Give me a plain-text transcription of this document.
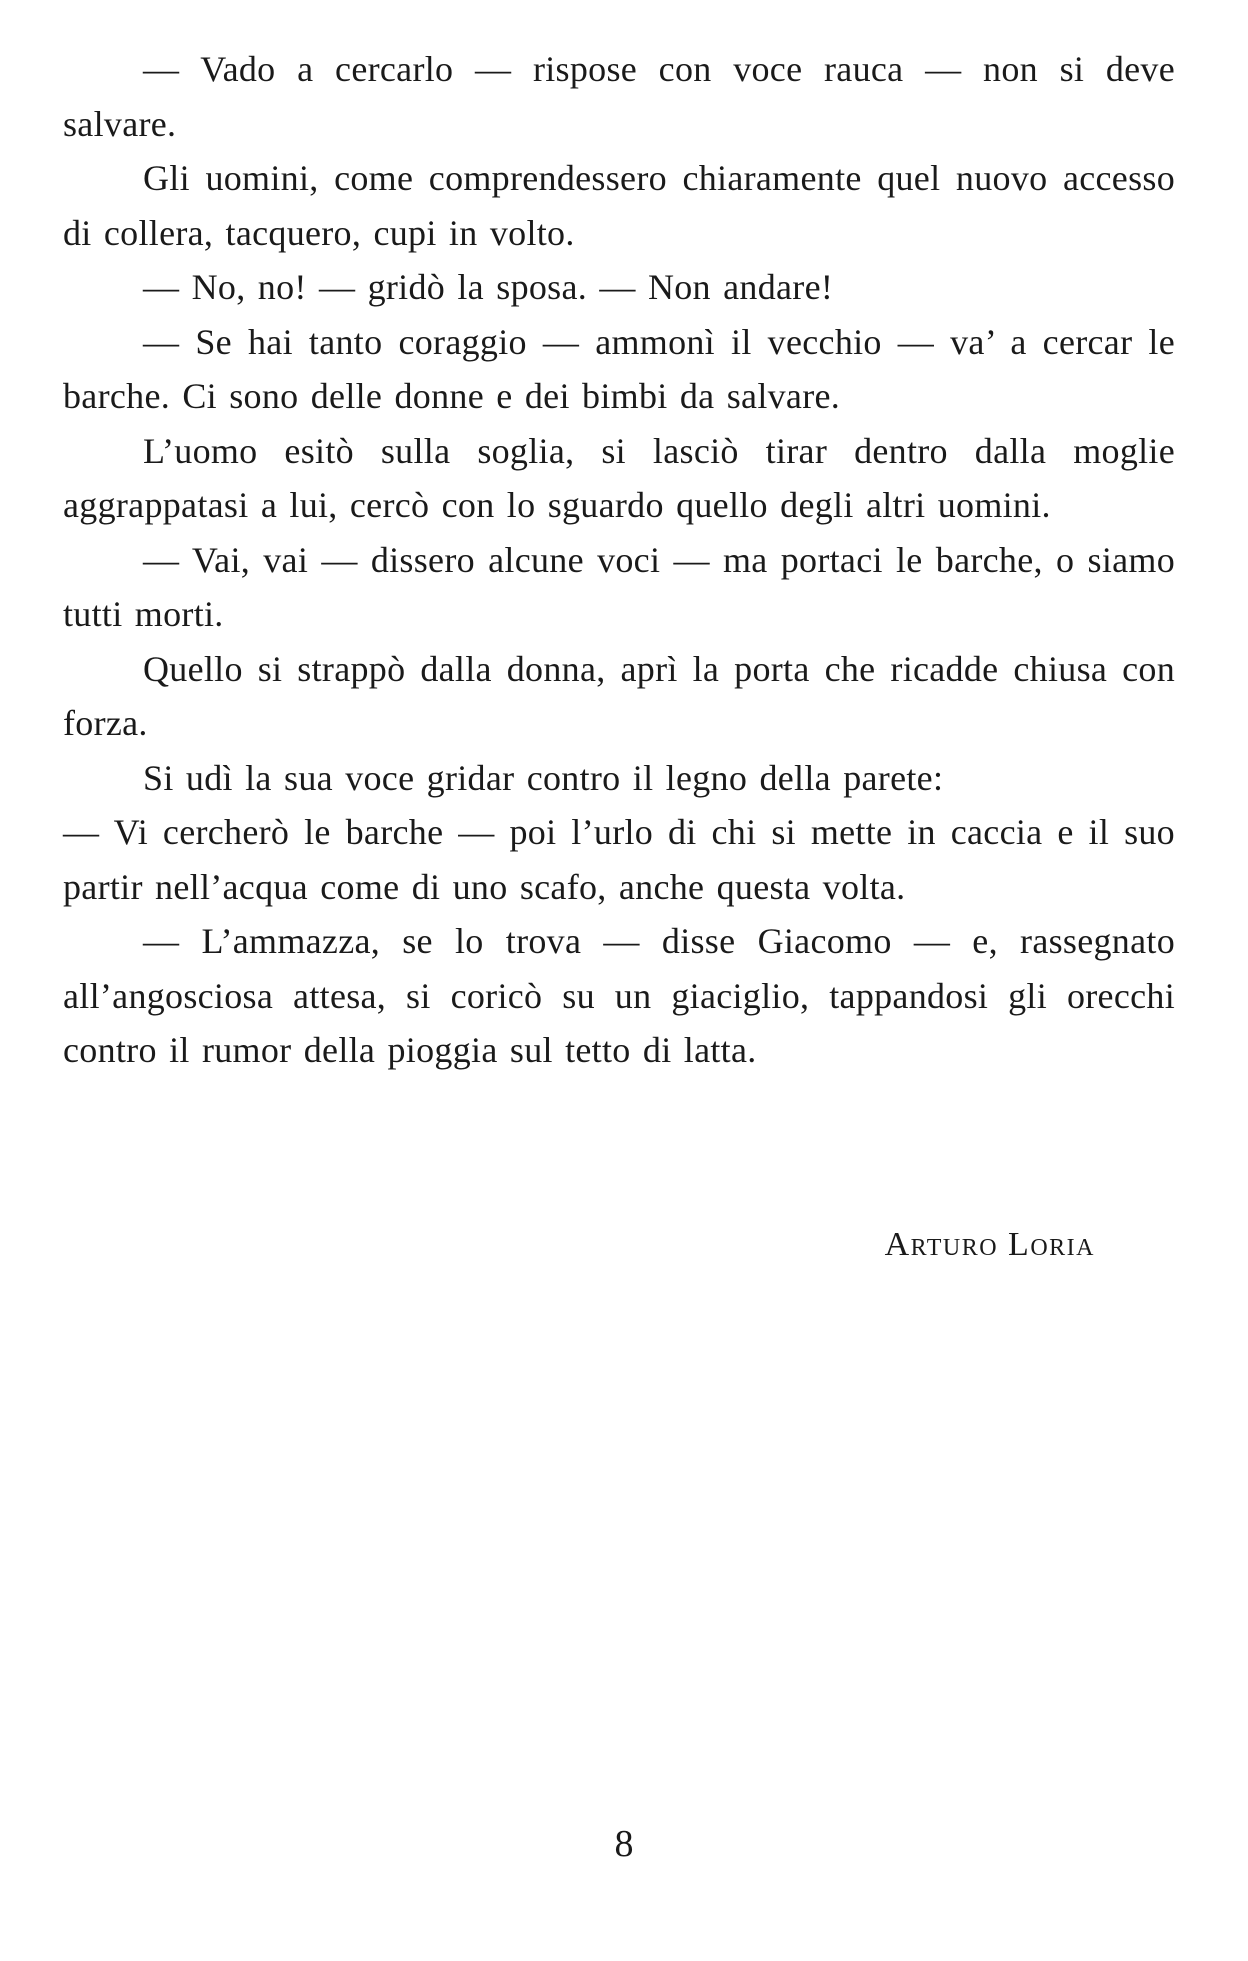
— Vado a cercarlo — rispose con voce rauca — non si deve salvare.

Gli uomini, come comprendessero chiaramente quel nuovo accesso di collera, tacquero, cupi in volto.

— No, no! — gridò la sposa. — Non andare!

— Se hai tanto coraggio — ammonì il vecchio — va’ a cercar le barche. Ci sono delle donne e dei bimbi da salvare.

L’uomo esitò sulla soglia, si lasciò tirar dentro dalla moglie aggrappatasi a lui, cercò con lo sguardo quello degli altri uomini.

— Vai, vai — dissero alcune voci — ma portaci le barche, o siamo tutti morti.

Quello si strappò dalla donna, aprì la porta che ricadde chiusa con forza.

Si udì la sua voce gridar contro il legno della parete:

— Vi cercherò le barche — poi l’urlo di chi si mette in caccia e il suo partir nell’acqua come di uno scafo, anche questa volta.

— L’ammazza, se lo trova — disse Giacomo — e, rassegnato all’angosciosa attesa, si coricò su un giaciglio, tappandosi gli orecchi contro il rumor della pioggia sul tetto di latta.

Arturo Loria
8
